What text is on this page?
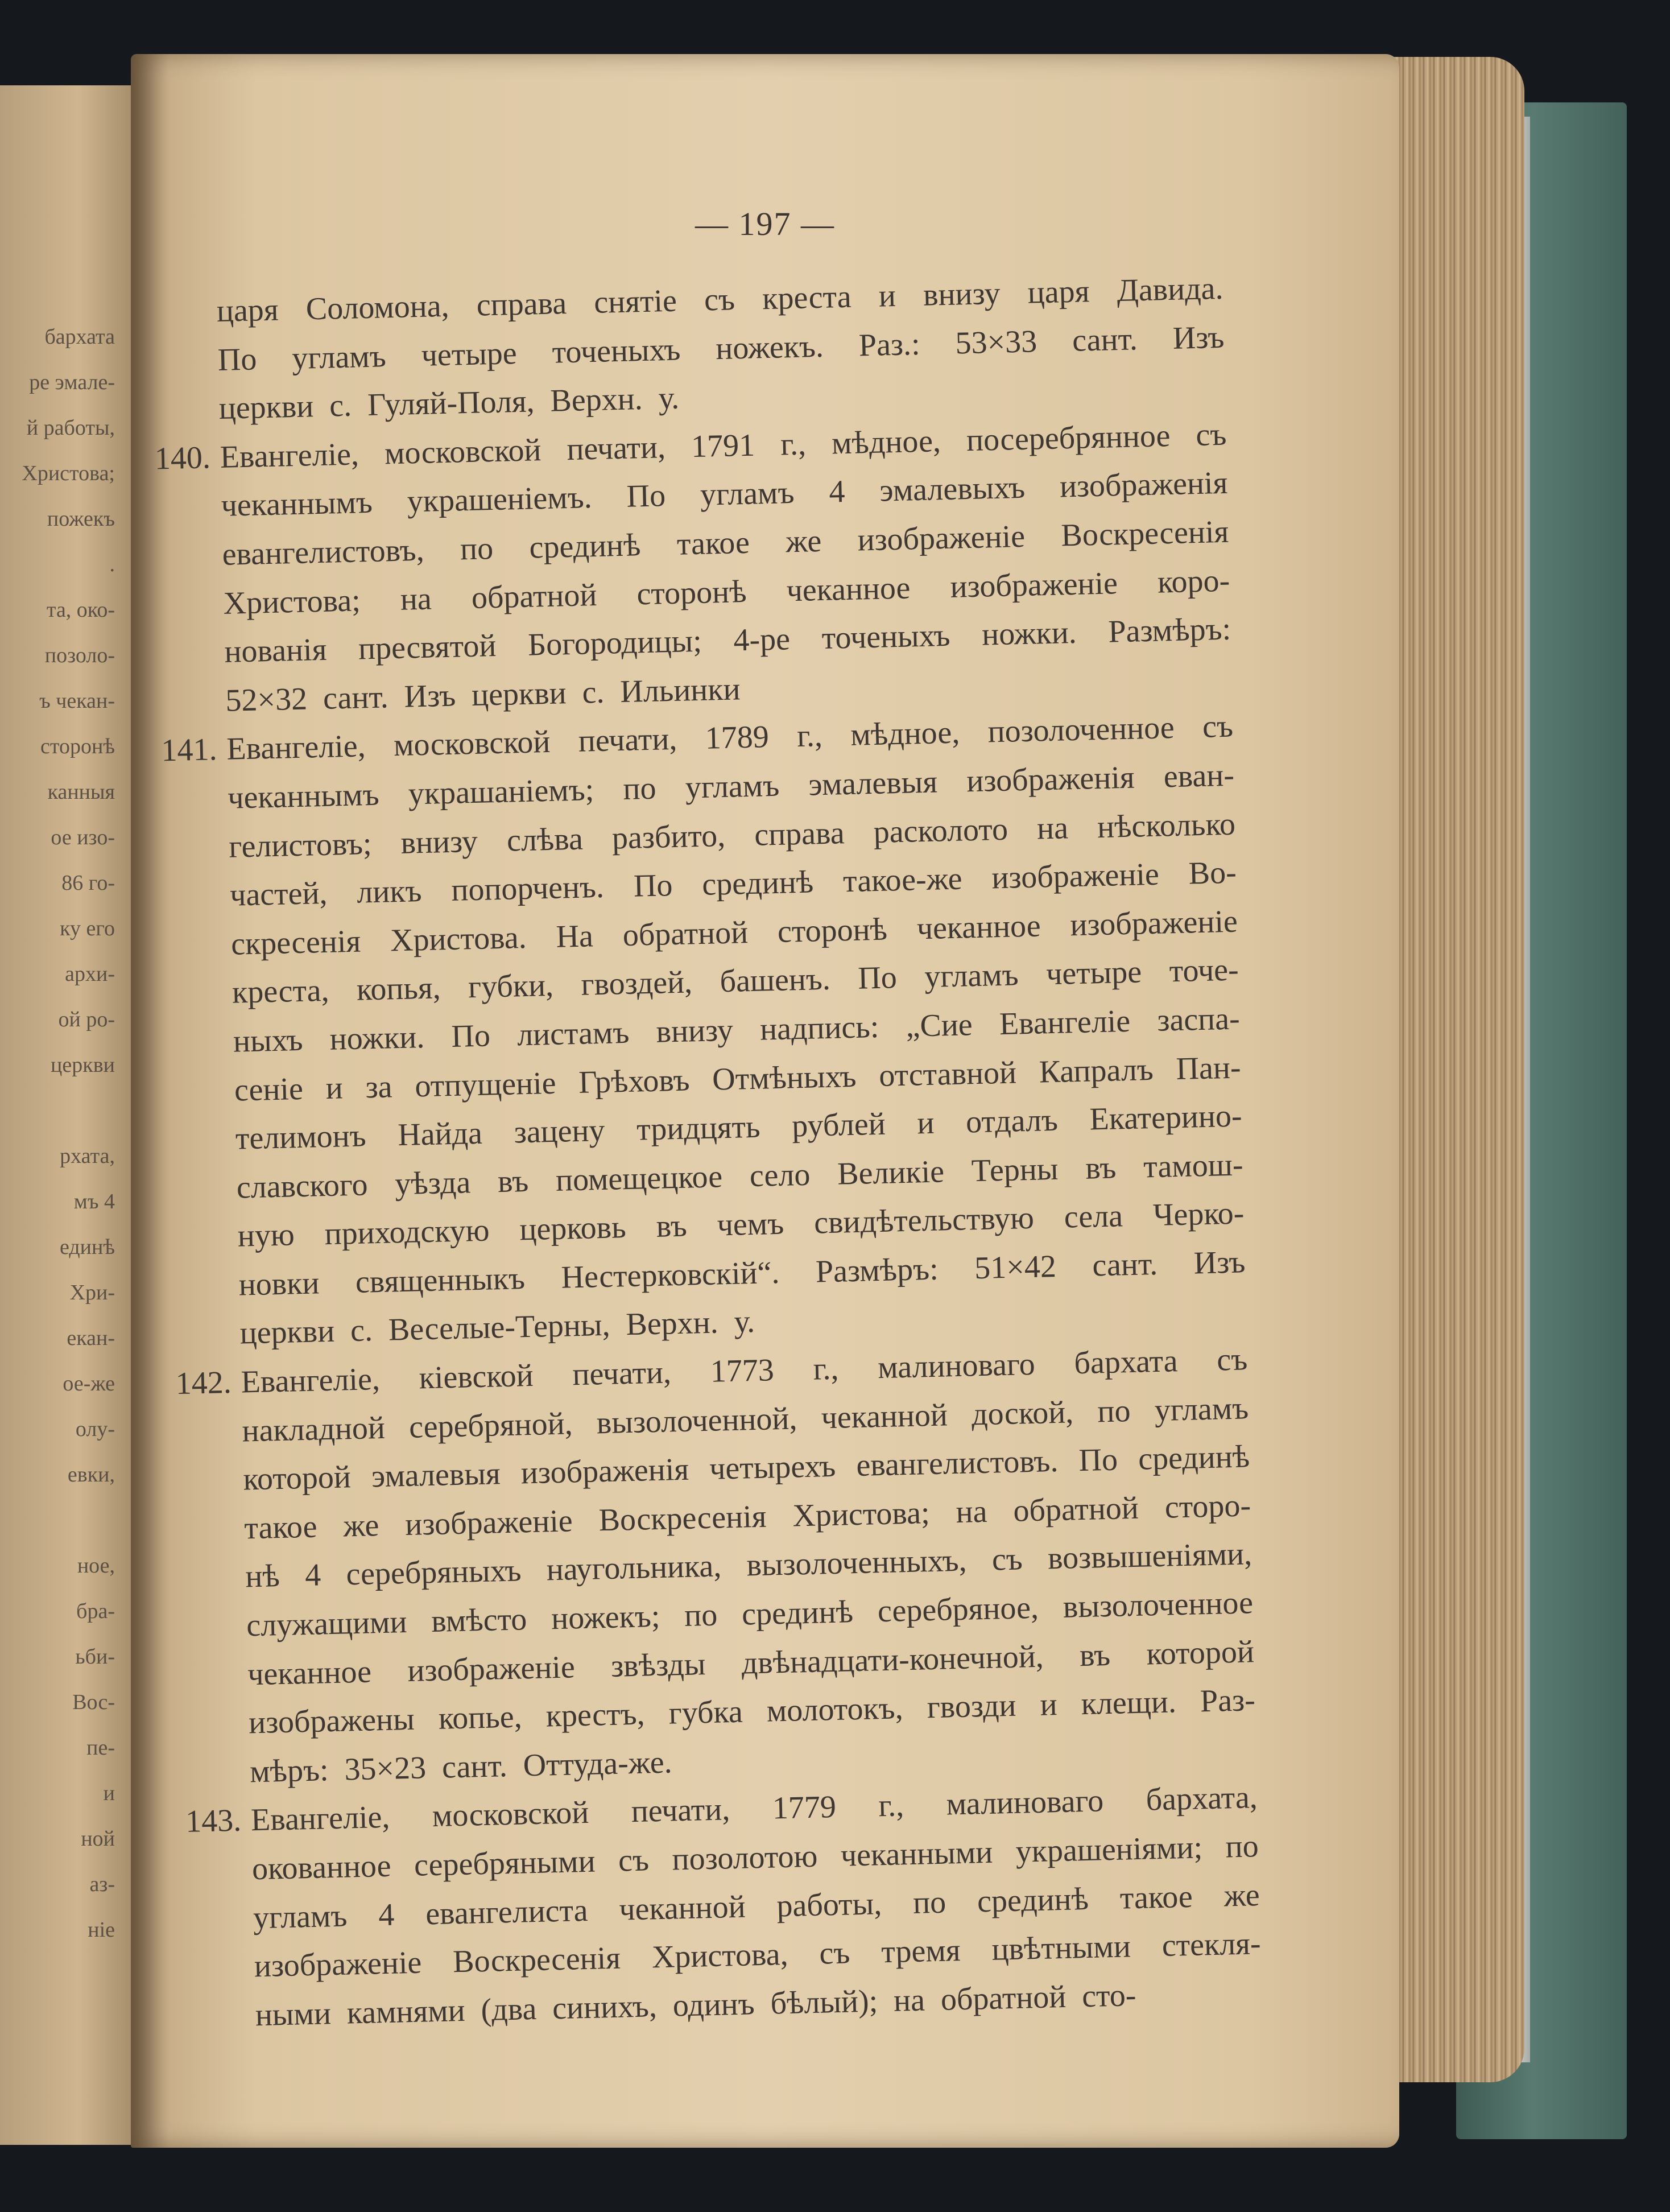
бархата
ре эмале-
й работы,
Христова;
пожекъ
.
та, око-
позоло-
ъ чекан-
сторонѣ
канныя
ое изо-
86 го-
ку его
архи-
ой ро-
церкви
рхата,
мъ 4
единѣ
Хри-
екан-
ое-же
олу-
евки,
ное,
бра-
ьби-
Вос-
пе-
и
ной
аз-
ніе
— 197 —
царя Соломона, справа снятіе съ креста и внизу царя Давида.
По угламъ четыре точеныхъ ножекъ. Раз.: 53×33 сант. Изъ
церкви с. Гуляй-Поля, Верхн. у.
140. Евангеліе, московской печати, 1791 г., мѣдное, посеребрянное съ
чеканнымъ украшеніемъ. По угламъ 4 эмалевыхъ изображенія
евангелистовъ, по срединѣ такое же изображеніе Воскресенія
Христова; на обратной сторонѣ чеканное изображеніе коро-
нованія пресвятой Богородицы; 4-ре точеныхъ ножки. Размѣръ:
52×32 сант. Изъ церкви с. Ильинки
141. Евангеліе, московской печати, 1789 г., мѣдное, позолоченное съ
чеканнымъ украшаніемъ; по угламъ эмалевыя изображенія еван-
гелистовъ; внизу слѣва разбито, справа расколото на нѣсколько
частей, ликъ попорченъ. По срединѣ такое-же изображеніе Во-
скресенія Христова. На обратной сторонѣ чеканное изображеніе
креста, копья, губки, гвоздей, башенъ. По угламъ четыре точе-
ныхъ ножки. По листамъ внизу надпись: „Сие Евангеліе заспа-
сеніе и за отпущеніе Грѣховъ Отмѣныхъ отставной Капралъ Пан-
телимонъ Найда зацену тридцять рублей и отдалъ Екатерино-
славского уѣзда въ помещецкое село Великіе Терны въ тамош-
ную приходскую церковь въ чемъ свидѣтельствую села Черко-
новки священныкъ Нестерковскій“. Размѣръ: 51×42 сант. Изъ
церкви с. Веселые-Терны, Верхн. у.
142. Евангеліе, кіевской печати, 1773 г., малиноваго бархата съ
накладной серебряной, вызолоченной, чеканной доской, по угламъ
которой эмалевыя изображенія четырехъ евангелистовъ. По срединѣ
такое же изображеніе Воскресенія Христова; на обратной сторо-
нѣ 4 серебряныхъ наугольника, вызолоченныхъ, съ возвышеніями,
служащими вмѣсто ножекъ; по срединѣ серебряное, вызолоченное
чеканное изображеніе звѣзды двѣнадцати-конечной, въ которой
изображены копье, крестъ, губка молотокъ, гвозди и клещи. Раз-
мѣръ: 35×23 сант. Оттуда-же.
143. Евангеліе, московской печати, 1779 г., малиноваго бархата,
окованное серебряными съ позолотою чеканными украшеніями; по
угламъ 4 евангелиста чеканной работы, по срединѣ такое же
изображеніе Воскресенія Христова, съ тремя цвѣтными стекля-
ными камнями (два синихъ, одинъ бѣлый); на обратной сто-
